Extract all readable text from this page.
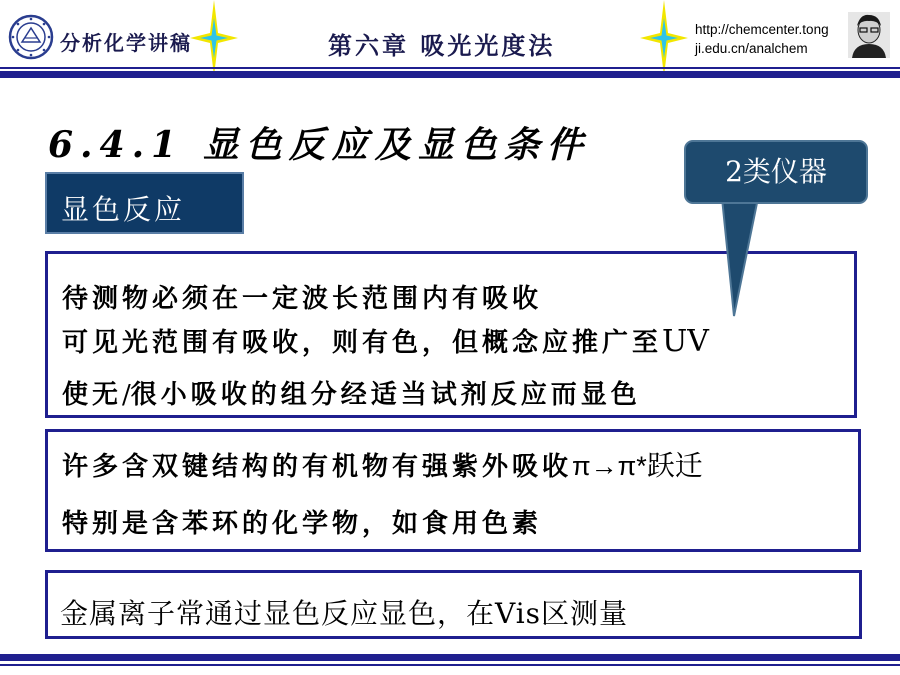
分析化学讲稿	第六章 吸光光度法
http://chemcenter.tong
ji.edu.cn/analchem
6.4.1 显色反应及显色条件
显色反应
待测物必须在一定波长范围内有吸收
可见光范围有吸收，则有色，但概念应推广至UV
使无/很小吸收的组分经适当试剂反应而显色
许多含双键结构的有机物有强紫外吸收π→π*跃迁
特别是含苯环的化学物，如食用色素
金属离子常通过显色反应显色，在Vis区测量
2类仪器
